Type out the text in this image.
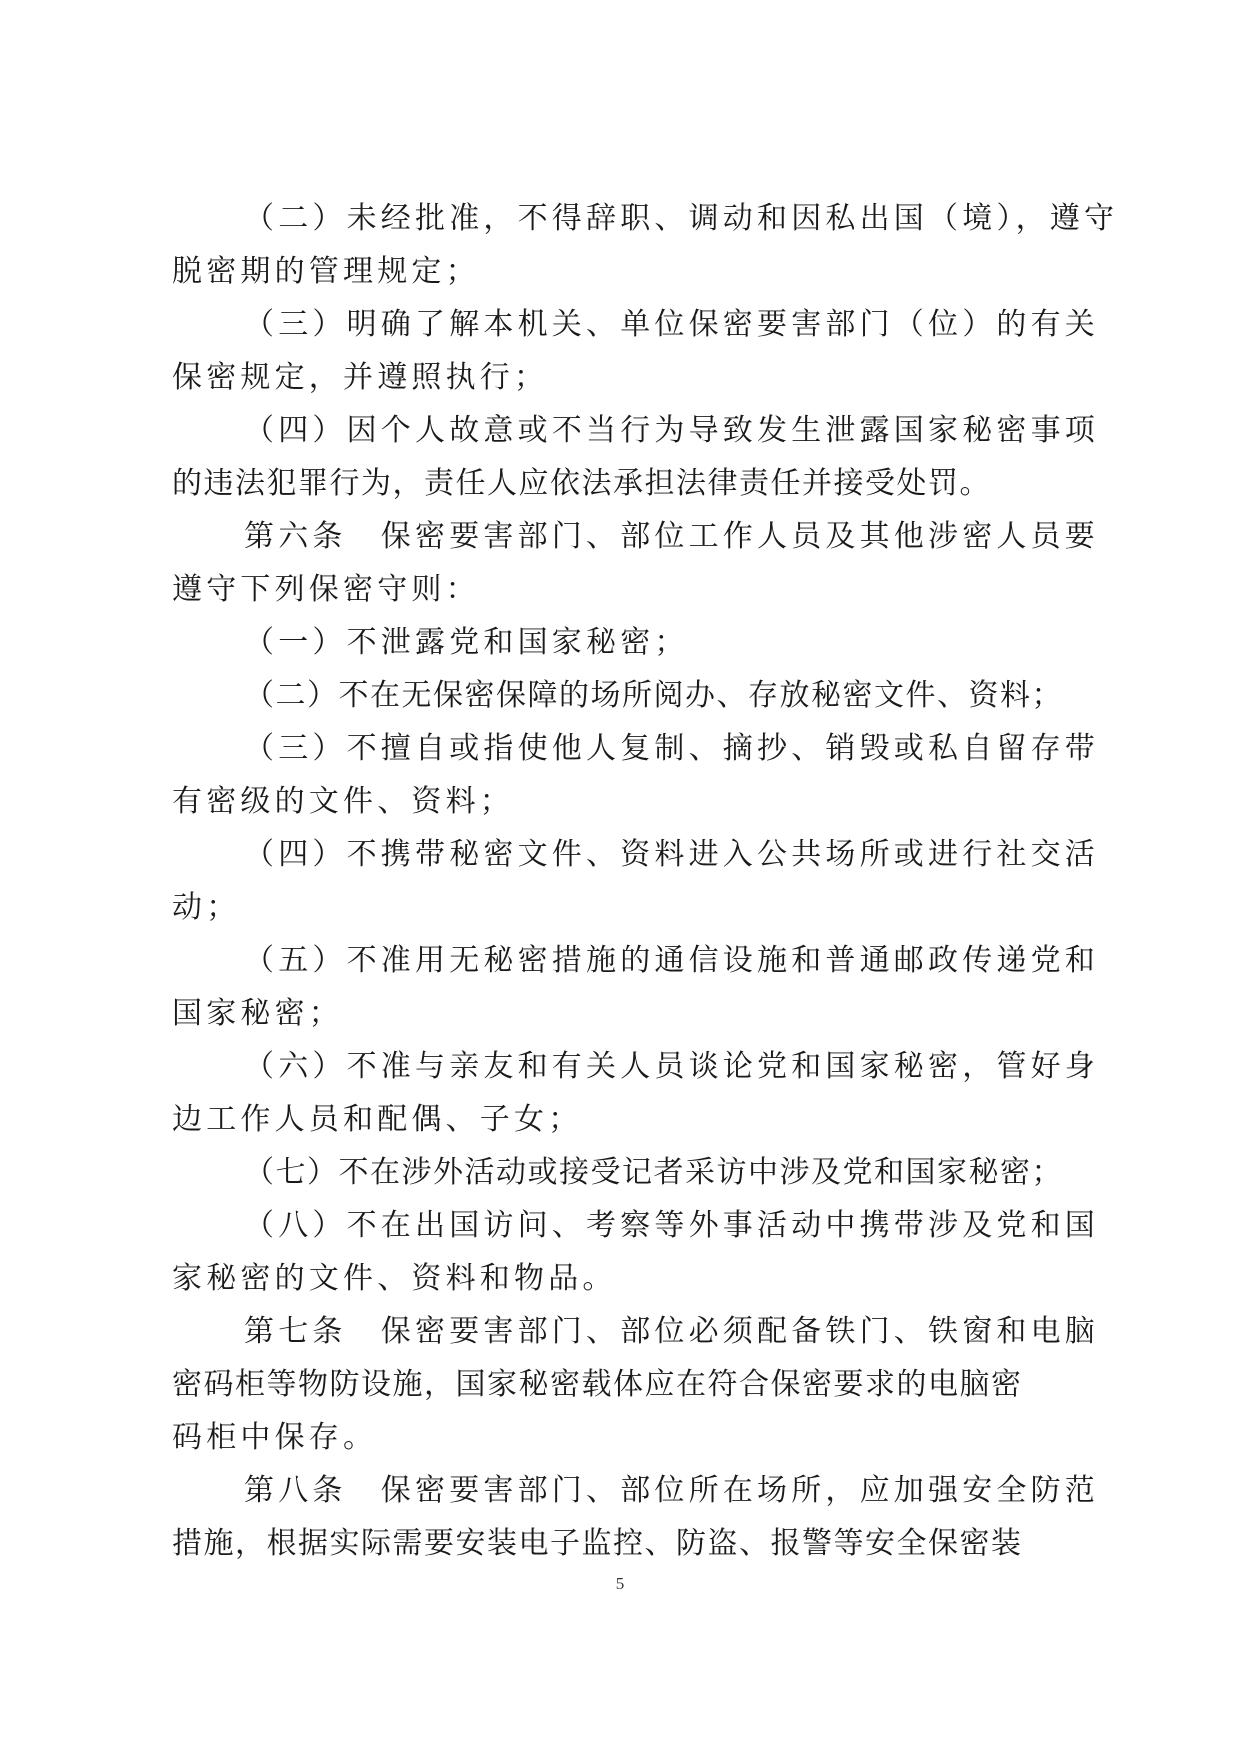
（二）未经批准，不得辞职、调动和因私出国（境），遵守
脱密期的管理规定；
（三）明确了解本机关、单位保密要害部门（位）的有关
保密规定，并遵照执行；
（四）因个人故意或不当行为导致发生泄露国家秘密事项
的违法犯罪行为，责任人应依法承担法律责任并接受处罚。
第六条　保密要害部门、部位工作人员及其他涉密人员要
遵守下列保密守则：
（一）不泄露党和国家秘密；
（二）不在无保密保障的场所阅办、存放秘密文件、资料；
（三）不擅自或指使他人复制、摘抄、销毁或私自留存带
有密级的文件、资料；
（四）不携带秘密文件、资料进入公共场所或进行社交活
动；
（五）不准用无秘密措施的通信设施和普通邮政传递党和
国家秘密；
（六）不准与亲友和有关人员谈论党和国家秘密，管好身
边工作人员和配偶、子女；
（七）不在涉外活动或接受记者采访中涉及党和国家秘密；
（八）不在出国访问、考察等外事活动中携带涉及党和国
家秘密的文件、资料和物品。
第七条　保密要害部门、部位必须配备铁门、铁窗和电脑
密码柜等物防设施，国家秘密载体应在符合保密要求的电脑密
码柜中保存。
第八条　保密要害部门、部位所在场所，应加强安全防范
措施，根据实际需要安装电子监控、防盗、报警等安全保密装
5
